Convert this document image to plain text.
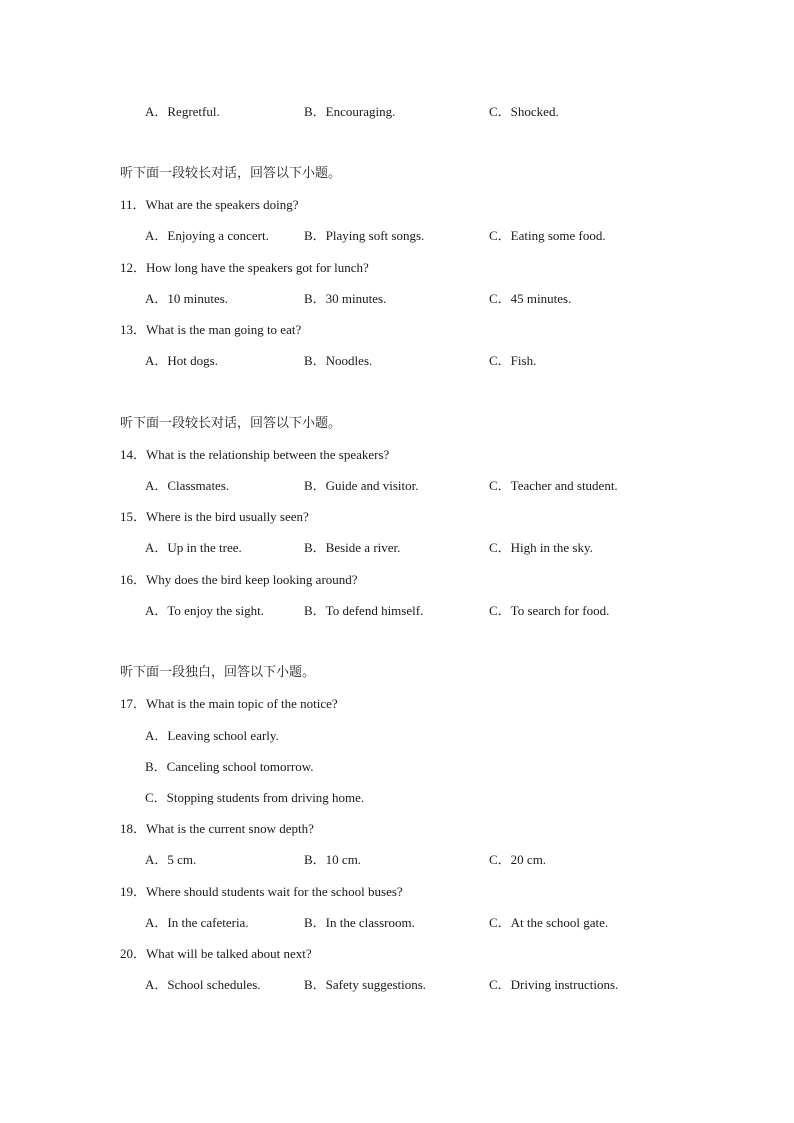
A．Regretful.	B．Encouraging.	C．Shocked.
听下面一段较长对话，回答以下小题。
11．What are the speakers doing?
A．Enjoying a concert.	B．Playing soft songs.	C．Eating some food.
12．How long have the speakers got for lunch?
A．10 minutes.	B．30 minutes.	C．45 minutes.
13．What is the man going to eat?
A．Hot dogs.	B．Noodles.	C．Fish.
听下面一段较长对话，回答以下小题。
14．What is the relationship between the speakers?
A．Classmates.	B．Guide and visitor.	C．Teacher and student.
15．Where is the bird usually seen?
A．Up in the tree.	B．Beside a river.	C．High in the sky.
16．Why does the bird keep looking around?
A．To enjoy the sight.	B．To defend himself.	C．To search for food.
听下面一段独白，回答以下小题。
17．What is the main topic of the notice?
A．Leaving school early.
B．Canceling school tomorrow.
C．Stopping students from driving home.
18．What is the current snow depth?
A．5 cm.	B．10 cm.	C．20 cm.
19．Where should students wait for the school buses?
A．In the cafeteria.	B．In the classroom.	C．At the school gate.
20．What will be talked about next?
A．School schedules.	B．Safety suggestions.	C．Driving instructions.
